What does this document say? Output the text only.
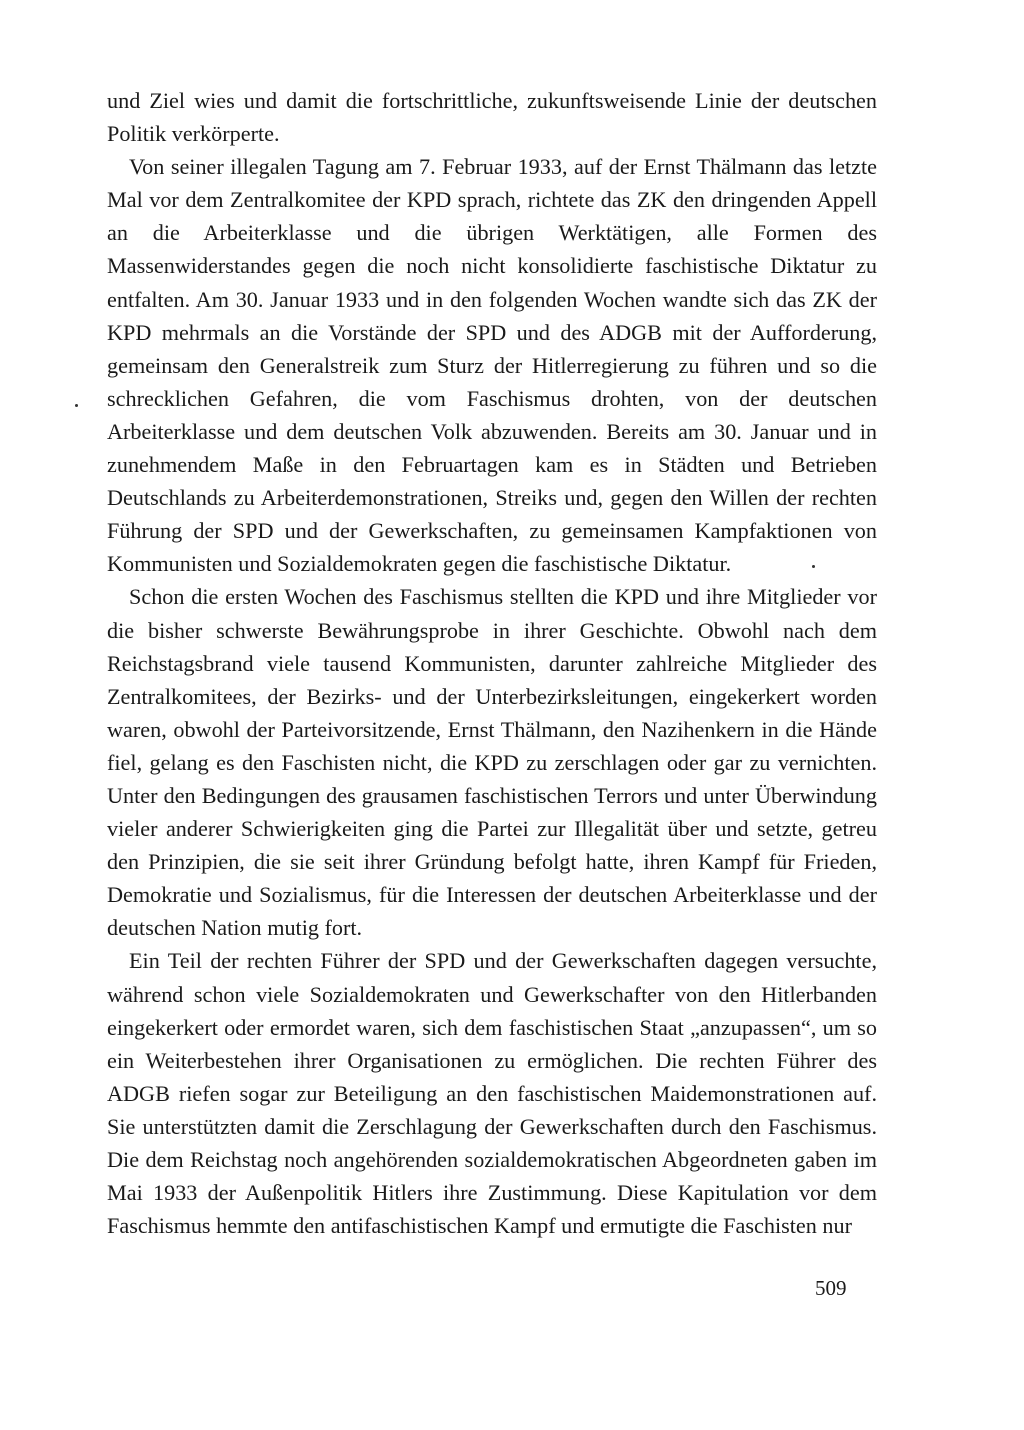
und Ziel wies und damit die fortschrittliche, zukunftsweisende Linie der deutschen Politik verkörperte.

Von seiner illegalen Tagung am 7. Februar 1933, auf der Ernst Thälmann das letzte Mal vor dem Zentralkomitee der KPD sprach, richtete das ZK den dringenden Appell an die Arbeiterklasse und die übrigen Werktätigen, alle Formen des Massenwiderstandes gegen die noch nicht konsolidierte faschistische Diktatur zu entfalten. Am 30. Januar 1933 und in den folgenden Wochen wandte sich das ZK der KPD mehrmals an die Vorstände der SPD und des ADGB mit der Aufforderung, gemeinsam den Generalstreik zum Sturz der Hitlerregierung zu führen und so die schrecklichen Gefahren, die vom Faschismus drohten, von der deutschen Arbeiterklasse und dem deutschen Volk abzuwenden. Bereits am 30. Januar und in zunehmendem Maße in den Februartagen kam es in Städten und Betrieben Deutschlands zu Arbeiterdemonstrationen, Streiks und, gegen den Willen der rechten Führung der SPD und der Gewerkschaften, zu gemeinsamen Kampfaktionen von Kommunisten und Sozialdemokraten gegen die faschistische Diktatur.

Schon die ersten Wochen des Faschismus stellten die KPD und ihre Mitglieder vor die bisher schwerste Bewährungsprobe in ihrer Geschichte. Obwohl nach dem Reichstagsbrand viele tausend Kommunisten, darunter zahlreiche Mitglieder des Zentralkomitees, der Bezirks- und der Unterbezirksleitungen, eingekerkert worden waren, obwohl der Parteivorsitzende, Ernst Thälmann, den Nazihenkern in die Hände fiel, gelang es den Faschisten nicht, die KPD zu zerschlagen oder gar zu vernichten. Unter den Bedingungen des grausamen faschistischen Terrors und unter Überwindung vieler anderer Schwierigkeiten ging die Partei zur Illegalität über und setzte, getreu den Prinzipien, die sie seit ihrer Gründung befolgt hatte, ihren Kampf für Frieden, Demokratie und Sozialismus, für die Interessen der deutschen Arbeiterklasse und der deutschen Nation mutig fort.

Ein Teil der rechten Führer der SPD und der Gewerkschaften dagegen versuchte, während schon viele Sozialdemokraten und Gewerkschafter von den Hitlerbanden eingekerkert oder ermordet waren, sich dem faschistischen Staat „anzupassen“, um so ein Weiterbestehen ihrer Organisationen zu ermöglichen. Die rechten Führer des ADGB riefen sogar zur Beteiligung an den faschistischen Maidemonstrationen auf. Sie unterstützten damit die Zerschlagung der Gewerkschaften durch den Faschismus. Die dem Reichstag noch angehörenden sozialdemokratischen Abgeordneten gaben im Mai 1933 der Außenpolitik Hitlers ihre Zustimmung. Diese Kapitulation vor dem Faschismus hemmte den antifaschistischen Kampf und ermutigte die Faschisten nur

509
